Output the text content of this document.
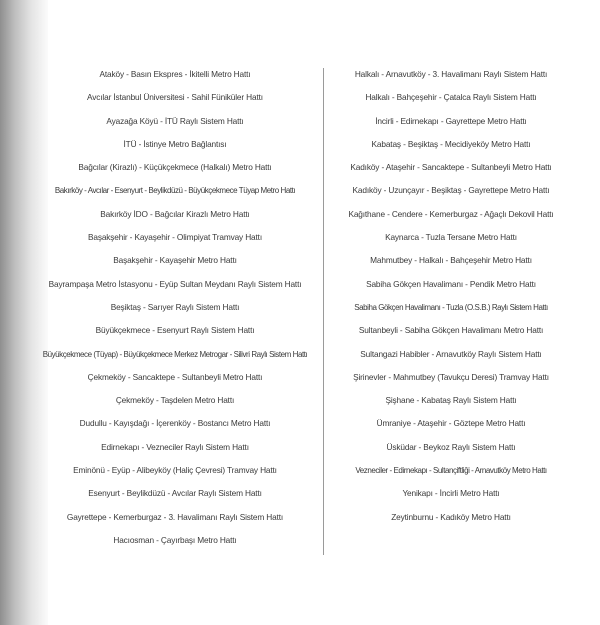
Ataköy - Basın Ekspres - İkitelli Metro Hattı
Avcılar İstanbul Üniversitesi - Sahil Füniküler Hattı
Ayazağa Köyü - İTÜ Raylı Sistem Hattı
İTÜ - İstinye Metro Bağlantısı
Bağcılar (Kirazlı) - Küçükçekmece (Halkalı) Metro Hattı
Bakırköy - Avcılar - Esenyurt - Beylikdüzü - Büyükçekmece Tüyap Metro Hattı
Bakırköy İDO - Bağcılar Kirazlı Metro Hattı
Başakşehir - Kayaşehir - Olimpiyat Tramvay Hattı
Başakşehir - Kayaşehir Metro Hattı
Bayrampaşa Metro İstasyonu - Eyüp Sultan Meydanı Raylı Sistem Hattı
Beşiktaş - Sarıyer Raylı Sistem Hattı
Büyükçekmece - Esenyurt Raylı Sistem Hattı
Büyükçekmece (Tüyap) - Büyükçekmece Merkez Metrogar - Silivri Raylı Sistem Hattı
Çekmeköy - Sancaktepe - Sultanbeyli Metro Hattı
Çekmeköy - Taşdelen Metro Hattı
Dudullu - Kayışdağı - İçerenköy - Bostancı Metro Hattı
Edirnekapı - Vezneciler Raylı Sistem Hattı
Eminönü - Eyüp - Alibeyköy (Haliç Çevresi) Tramvay Hattı
Esenyurt - Beylikdüzü - Avcılar Raylı Sistem Hattı
Gayrettepe - Kemerburgaz - 3. Havalimanı Raylı Sistem Hattı
Hacıosman - Çayırbaşı Metro Hattı
Halkalı - Arnavutköy - 3. Havalimanı Raylı Sistem Hattı
Halkalı - Bahçeşehir - Çatalca Raylı Sistem Hattı
İncirli - Edirnekapı - Gayrettepe Metro Hattı
Kabataş - Beşiktaş - Mecidiyeköy Metro Hattı
Kadıköy - Ataşehir - Sancaktepe - Sultanbeyli Metro Hattı
Kadıköy - Uzunçayır - Beşiktaş - Gayrettepe Metro Hattı
Kağıthane - Cendere - Kemerburgaz - Ağaçlı Dekovil Hattı
Kaynarca - Tuzla Tersane Metro Hattı
Mahmutbey - Halkalı - Bahçeşehir Metro Hattı
Sabiha Gökçen Havalimanı - Pendik Metro Hattı
Sabiha Gökçen Havalimanı - Tuzla (O.S.B.) Raylı Sistem Hattı
Sultanbeyli - Sabiha Gökçen Havalimanı Metro Hattı
Sultangazi Habibler - Arnavutköy Raylı Sistem Hattı
Şirinevler - Mahmutbey (Tavukçu Deresi) Tramvay Hattı
Şişhane - Kabataş Raylı Sistem Hattı
Ümraniye - Ataşehir - Göztepe Metro Hattı
Üsküdar - Beykoz Raylı Sistem Hattı
Vezneciler - Edirnekapı - Sultançiftliği - Arnavutköy Metro Hattı
Yenikapı - İncirli Metro Hattı
Zeytinburnu - Kadıköy Metro Hattı
